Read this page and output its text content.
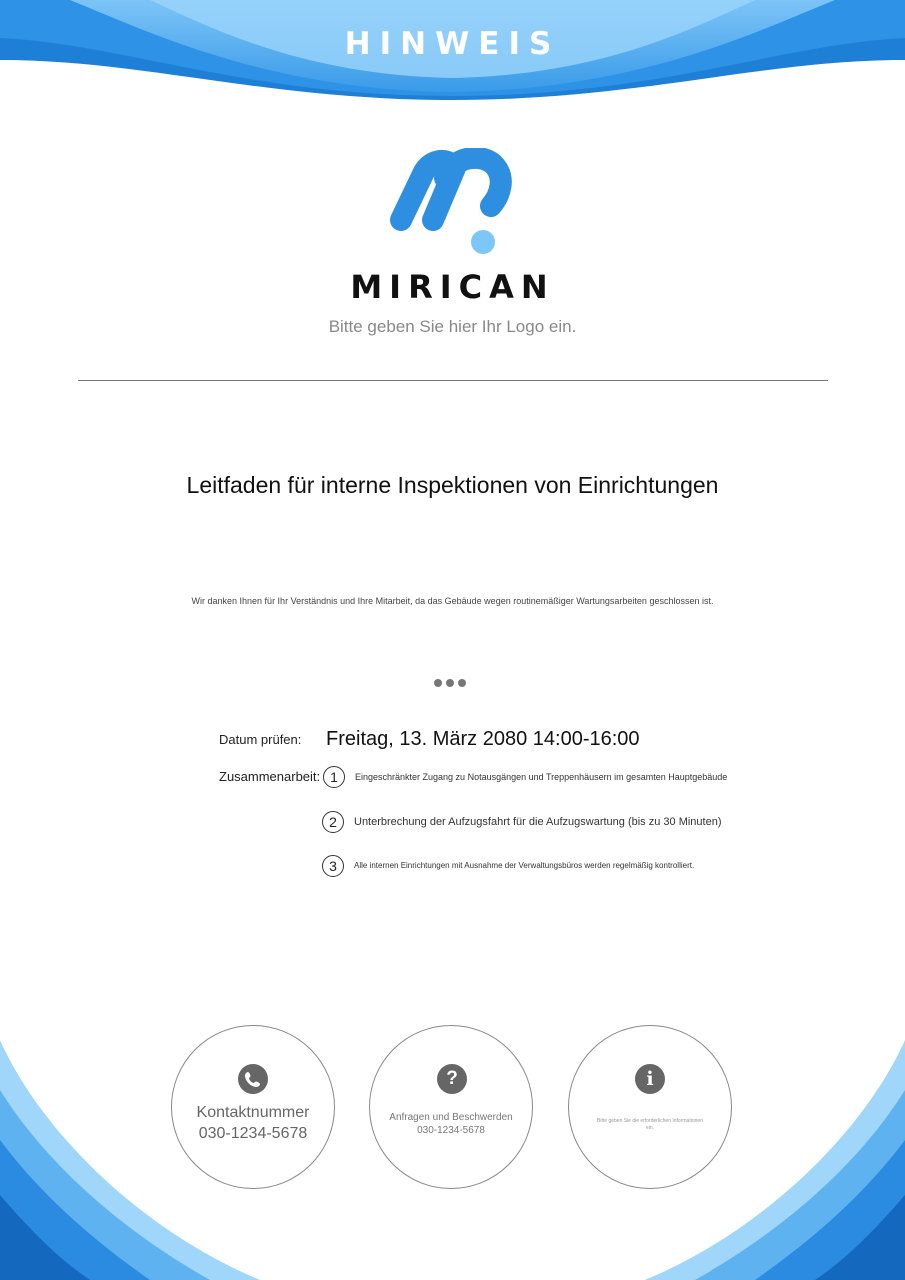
HINWEIS
MIRICAN
Bitte geben Sie hier Ihr Logo ein.
Leitfaden für interne Inspektionen von Einrichtungen
Wir danken Ihnen für Ihr Verständnis und Ihre Mitarbeit, da das Gebäude wegen routinemäßiger Wartungsarbeiten geschlossen ist.
Datum prüfen: Freitag, 13. März 2080 14:00-16:00
Zusammenarbeit: 1	Eingeschränkter Zugang zu Notausgängen und Treppenhäusern im gesamten Hauptgebäude
2	Unterbrechung der Aufzugsfahrt für die Aufzugswartung (bis zu 30 Minuten)
3	Alle internen Einrichtungen mit Ausnahme der Verwaltungsbüros werden regelmäßig kontrolliert.
Kontaktnummer
030-1234-5678
?
Anfragen und Beschwerden
030-1234-5678
i
Bitte geben Sie die erforderlichen Informationen ein.
